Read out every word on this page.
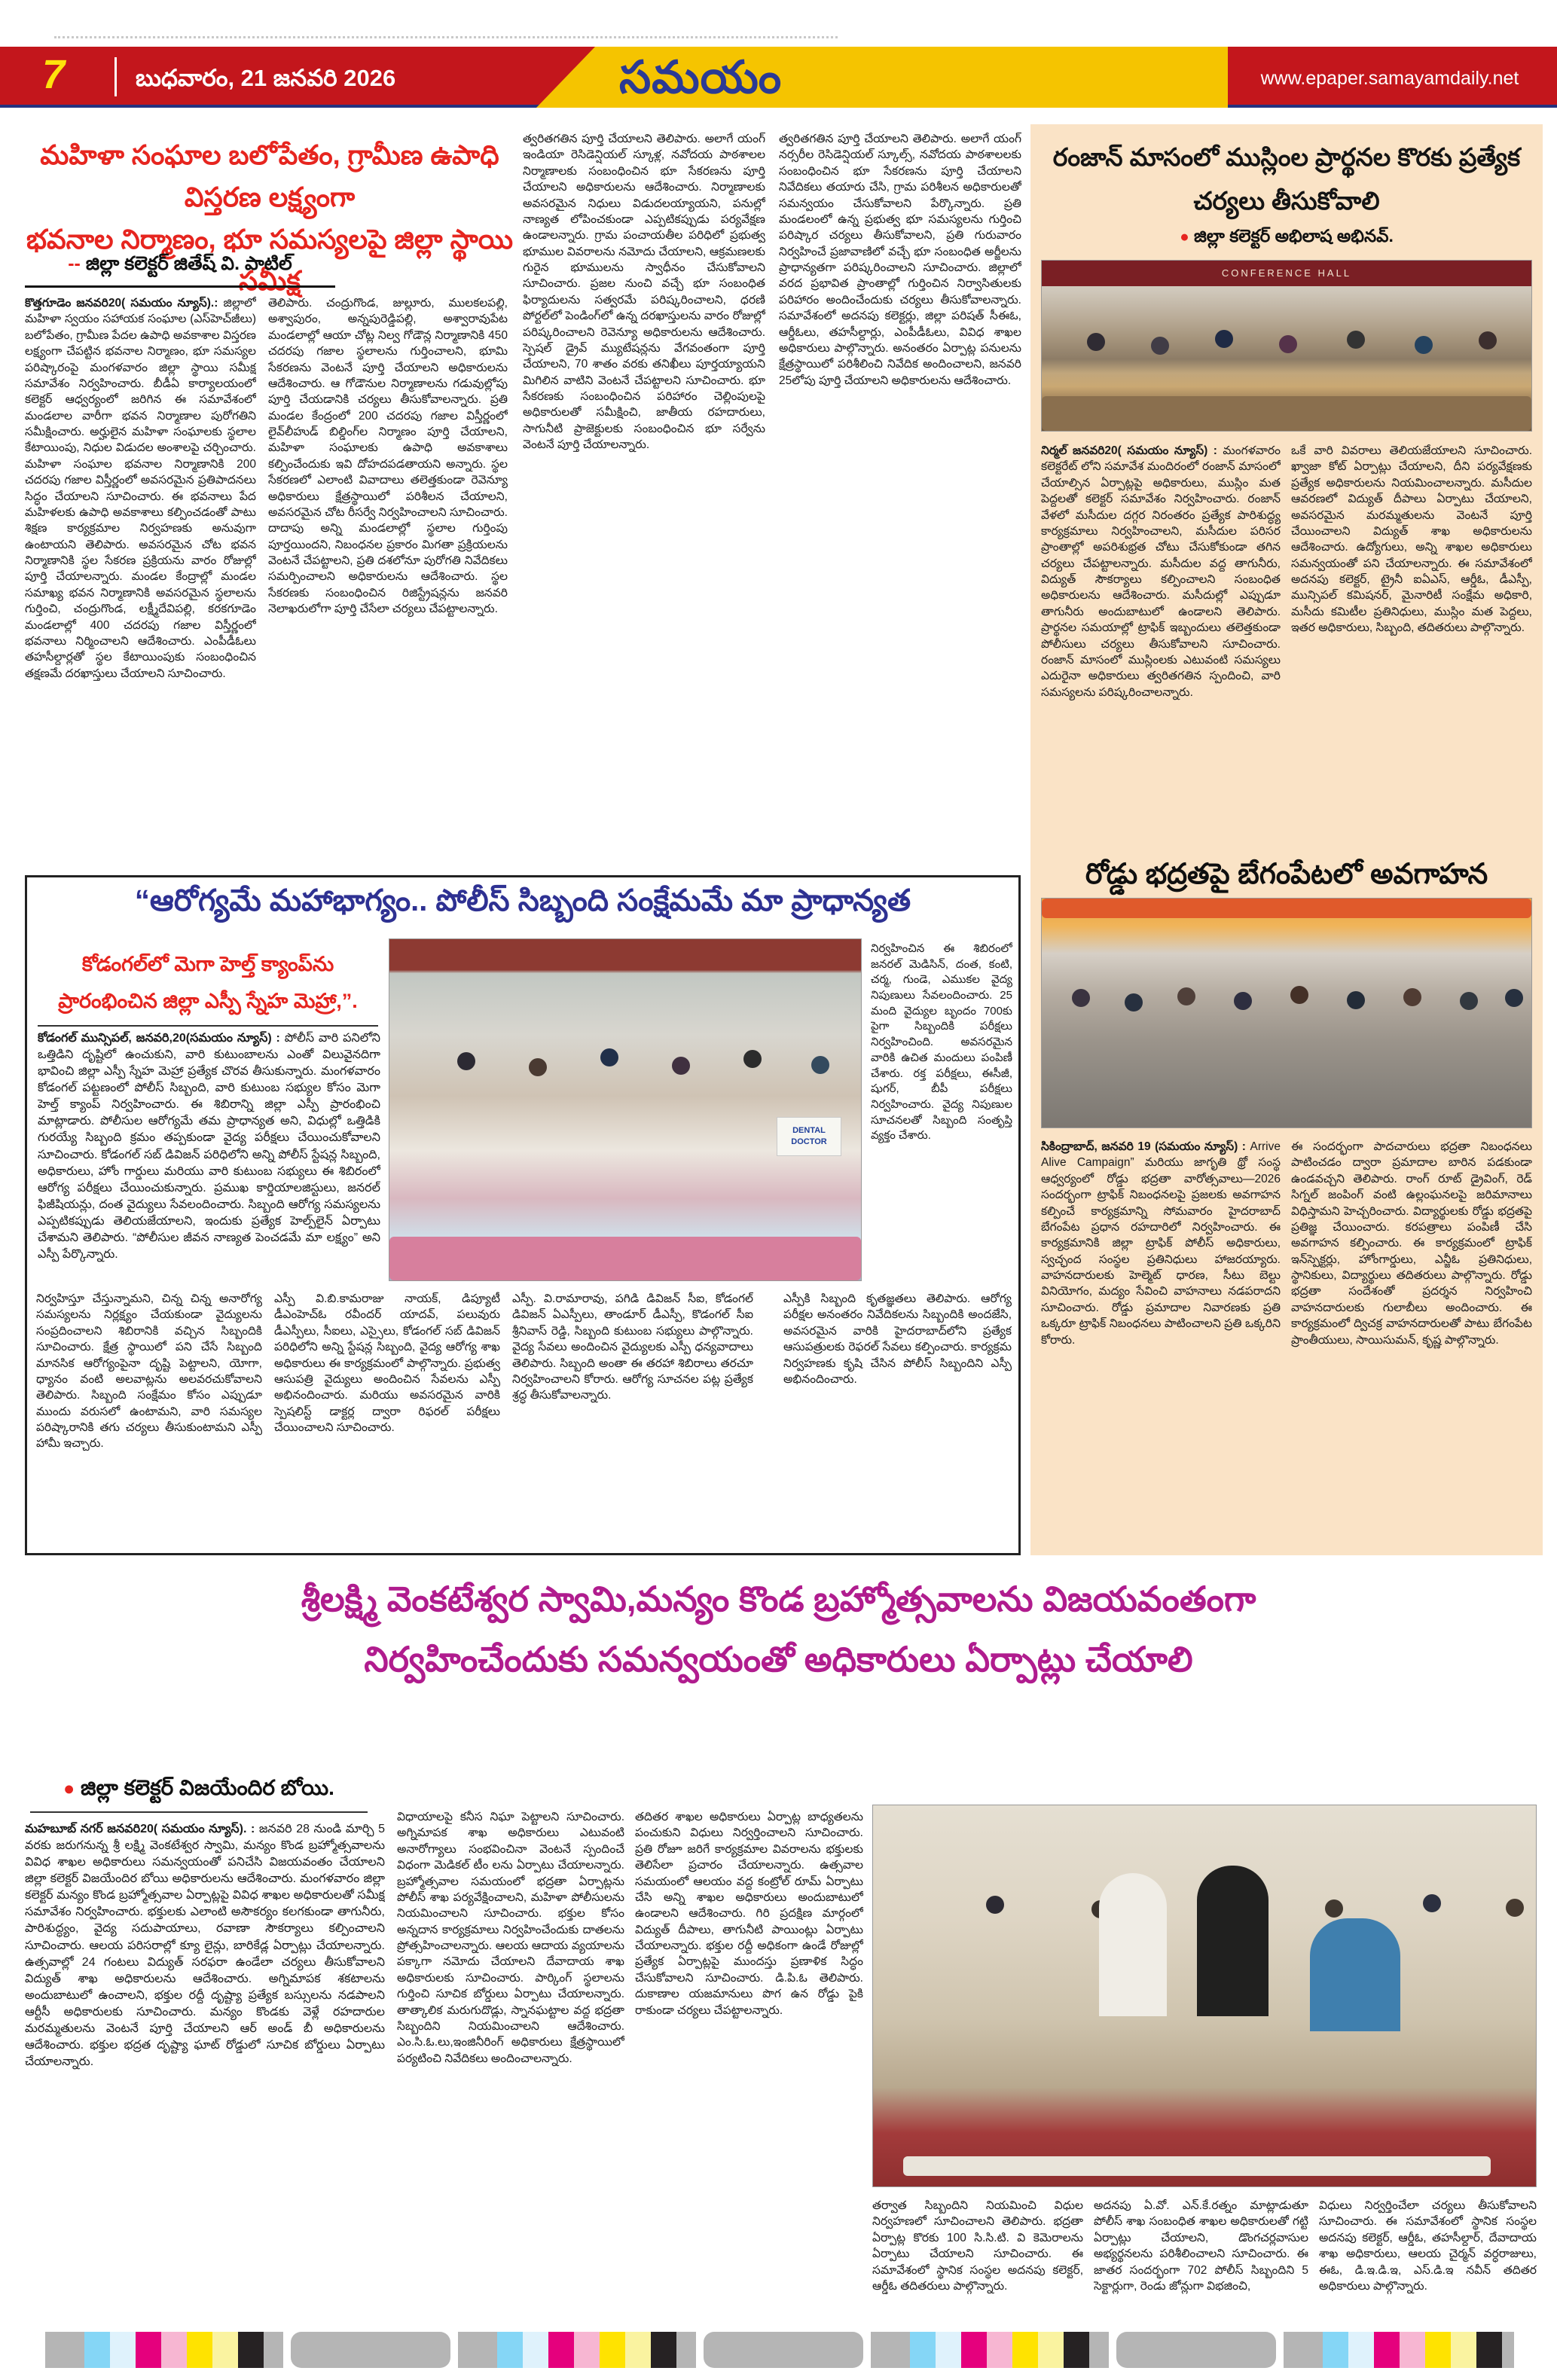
7	బుధవారం, 21 జనవరి 2026	సమయం	www.epaper.samayamdaily.net
మహిళా సంఘాల బలోపేతం, గ్రామీణ ఉపాధి విస్తరణ లక్ష్యంగా
భవనాల నిర్మాణం, భూ సమస్యలపై జిల్లా స్థాయి సమీక్ష
-- జిల్లా కలెక్టర్ జితేష్ వి. పాటిల్
కొత్తగూడెం జనవరి20( సమయం న్యూస్).: జిల్లాలో మహిళా స్వయం సహాయక సంఘాల (ఎస్‌హెచ్‌జీలు) బలోపేతం, గ్రామీణ పేదల ఉపాధి అవకాశాల విస్తరణ లక్ష్యంగా చేపట్టిన భవనాల నిర్మాణం, భూ సమస్యల పరిష్కారంపై మంగళవారం జిల్లా స్థాయి సమీక్ష సమావేశం నిర్వహించారు. బీడీఏ కార్యాలయంలో కలెక్టర్ ఆధ్వర్యంలో జరిగిన ఈ సమావేశంలో మండలాల వారీగా భవన నిర్మాణాల పురోగతిని సమీక్షించారు. అర్హులైన మహిళా సంఘాలకు స్థలాల కేటాయింపు, నిధుల విడుదల అంశాలపై చర్చించారు. మహిళా సంఘాల భవనాల నిర్మాణానికి 200 చదరపు గజాల విస్తీర్ణంలో అవసరమైన ప్రతిపాదనలు సిద్ధం చేయాలని సూచించారు. ఈ భవనాలు పేద మహిళలకు ఉపాధి అవకాశాలు కల్పించడంతో పాటు శిక్షణ కార్యక్రమాల నిర్వహణకు అనువుగా ఉంటాయని తెలిపారు. అవసరమైన చోట భవన నిర్మాణానికి స్థల సేకరణ ప్రక్రియను వారం రోజుల్లో పూర్తి చేయాలన్నారు. మండల కేంద్రాల్లో మండల సమాఖ్య భవన నిర్మాణానికి అవసరమైన స్థలాలను గుర్తించి, చంద్రుగొండ, లక్ష్మీదేవిపల్లి, కరకగూడెం మండలాల్లో 400 చదరపు గజాల విస్తీర్ణంలో భవనాలు నిర్మించాలని ఆదేశించారు. ఎంపీడీఓలు తహసీల్దార్లతో స్థల కేటాయింపుకు సంబంధించిన తక్షణమే దరఖాస్తులు చేయాలని సూచించారు.
తెలిపారు. చంద్రుగొండ, జుల్లూరు, ములకలపల్లి, అశ్వాపురం, అన్నపురెడ్డిపల్లి, అశ్వారావుపేట మండలాల్లో ఆయా చోట్ల నిల్వ గోడౌన్ల నిర్మాణానికి 450 చదరపు గజాల స్థలాలను గుర్తించాలని, భూమి సేకరణను వెంటనే పూర్తి చేయాలని అధికారులను ఆదేశించారు. ఆ గోడౌనుల నిర్మాణాలను గడువుల్లోపు పూర్తి చేయడానికి చర్యలు తీసుకోవాలన్నారు. ప్రతి మండల కేంద్రంలో 200 చదరపు గజాల విస్తీర్ణంలో లైవ్‌లీహుడ్ బిల్డింగ్‌ల నిర్మాణం పూర్తి చేయాలని, మహిళా సంఘాలకు ఉపాధి అవకాశాలు కల్పించేందుకు ఇవి దోహదపడతాయని అన్నారు. స్థల సేకరణలో ఎలాంటి వివాదాలు తలెత్తకుండా రెవెన్యూ అధికారులు క్షేత్రస్థాయిలో పరిశీలన చేయాలని, అవసరమైన చోట రీసర్వే నిర్వహించాలని సూచించారు. దాదాపు అన్ని మండలాల్లో స్థలాల గుర్తింపు పూర్తయిందని, నిబంధనల ప్రకారం మిగతా ప్రక్రియలను వెంటనే చేపట్టాలని, ప్రతి దశలోనూ పురోగతి నివేదికలు సమర్పించాలని అధికారులను ఆదేశించారు. స్థల సేకరణకు సంబంధించిన రిజిస్ట్రేషన్లను జనవరి నెలాఖరులోగా పూర్తి చేసేలా చర్యలు చేపట్టాలన్నారు.
త్వరితగతిన పూర్తి చేయాలని తెలిపారు. అలాగే యంగ్ ఇండియా రెసిడెన్షియల్ స్కూళ్ల, నవోదయ పాఠశాలల నిర్మాణాలకు సంబంధించిన భూ సేకరణను పూర్తి చేయాలని అధికారులను ఆదేశించారు. నిర్మాణాలకు అవసరమైన నిధులు విడుదలయ్యాయని, పనుల్లో నాణ్యత లోపించకుండా ఎప్పటికప్పుడు పర్యవేక్షణ ఉండాలన్నారు. గ్రామ పంచాయతీల పరిధిలో ప్రభుత్వ భూముల వివరాలను నమోదు చేయాలని, ఆక్రమణలకు గురైన భూములను స్వాధీనం చేసుకోవాలని సూచించారు. ప్రజల నుంచి వచ్చే భూ సంబంధిత ఫిర్యాదులను సత్వరమే పరిష్కరించాలని, ధరణి పోర్టల్‌లో పెండింగ్‌లో ఉన్న దరఖాస్తులను వారం రోజుల్లో పరిష్కరించాలని రెవెన్యూ అధికారులను ఆదేశించారు. స్పెషల్ డ్రైవ్ మ్యుటేషన్లను వేగవంతంగా పూర్తి చేయాలని, 70 శాతం వరకు తనిఖీలు పూర్తయ్యాయని మిగిలిన వాటిని వెంటనే చేపట్టాలని సూచించారు. భూ సేకరణకు సంబంధించిన పరిహారం చెల్లింపులపై అధికారులతో సమీక్షించి, జాతీయ రహదారులు, సాగునీటి ప్రాజెక్టులకు సంబంధించిన భూ సర్వేను వెంటనే పూర్తి చేయాలన్నారు.
త్వరితగతిన పూర్తి చేయాలని తెలిపారు. అలాగే యంగ్ నర్సరీల రెసిడెన్షియల్ స్కూల్స్, నవోదయ పాఠశాలలకు సంబంధించిన భూ సేకరణను పూర్తి చేయాలని నివేదికలు తయారు చేసి, గ్రామ పరిశీలన అధికారులతో సమన్వయం చేసుకోవాలని పేర్కొన్నారు. ప్రతి మండలంలో ఉన్న ప్రభుత్వ భూ సమస్యలను గుర్తించి పరిష్కార చర్యలు తీసుకోవాలని, ప్రతి గురువారం నిర్వహించే ప్రజావాణిలో వచ్చే భూ సంబంధిత అర్జీలను ప్రాధాన్యతగా పరిష్కరించాలని సూచించారు. జిల్లాలో వరద ప్రభావిత ప్రాంతాల్లో గుర్తించిన నిర్వాసితులకు పరిహారం అందించేందుకు చర్యలు తీసుకోవాలన్నారు. సమావేశంలో అదనపు కలెక్టర్లు, జిల్లా పరిషత్ సీఈఓ, ఆర్డీఓలు, తహసీల్దార్లు, ఎంపీడీఓలు, వివిధ శాఖల అధికారులు పాల్గొన్నారు. అనంతరం ఏర్పాట్ల పనులను క్షేత్రస్థాయిలో పరిశీలించి నివేదిక అందించాలని, జనవరి 25లోపు పూర్తి చేయాలని అధికారులను ఆదేశించారు.
రంజాన్ మాసంలో ముస్లింల ప్రార్థనల కొరకు ప్రత్యేక చర్యలు తీసుకోవాలి
● జిల్లా కలెక్టర్ అభిలాష అభినవ్.
CONFERENCE HALL
నిర్మల్ జనవరి20( సమయం న్యూస్) : మంగళవారం కలెక్టరేట్ లోని సమావేశ మందిరంలో రంజాన్ మాసంలో చేయాల్సిన ఏర్పాట్లపై అధికారులు, ముస్లిం మత పెద్దలతో కలెక్టర్ సమావేశం నిర్వహించారు. రంజాన్ వేళలో మసీదుల దగ్గర నిరంతరం ప్రత్యేక పారిశుద్ధ్య కార్యక్రమాలు నిర్వహించాలని, మసీదుల పరిసర ప్రాంతాల్లో అపరిశుభ్రత చోటు చేసుకోకుండా తగిన చర్యలు చేపట్టాలన్నారు. మసీదుల వద్ద తాగునీరు, విద్యుత్ సౌకర్యాలు కల్పించాలని సంబంధిత అధికారులను ఆదేశించారు. మసీదుల్లో ఎప్పుడూ తాగునీరు అందుబాటులో ఉండాలని తెలిపారు. ప్రార్థనల సమయాల్లో ట్రాఫిక్ ఇబ్బందులు తలెత్తకుండా పోలీసులు చర్యలు తీసుకోవాలని సూచించారు. రంజాన్ మాసంలో ముస్లింలకు ఎటువంటి సమస్యలు ఎదురైనా అధికారులు త్వరితగతిన స్పందించి, వారి సమస్యలను పరిష్కరించాలన్నారు.
ఒకే వారి వివరాలు తెలియజేయాలని సూచించారు. ఖ్వాజా కోట్ ఏర్పాట్లు చేయాలని, దీని పర్యవేక్షణకు ప్రత్యేక అధికారులను నియమించాలన్నారు. మసీదుల ఆవరణలో విద్యుత్ దీపాలు ఏర్పాటు చేయాలని, అవసరమైన మరమ్మతులను వెంటనే పూర్తి చేయించాలని విద్యుత్ శాఖ అధికారులను ఆదేశించారు. ఉద్యోగులు, అన్ని శాఖల అధికారులు సమన్వయంతో పని చేయాలన్నారు. ఈ సమావేశంలో అదనపు కలెక్టర్, ట్రైనీ ఐఏఎస్, ఆర్డీఓ, డీఎస్పీ, మున్సిపల్ కమిషనర్, మైనారిటీ సంక్షేమ అధికారి, మసీదు కమిటీల ప్రతినిధులు, ముస్లిం మత పెద్దలు, ఇతర అధికారులు, సిబ్బంది, తదితరులు పాల్గొన్నారు.
రోడ్డు భద్రతపై బేగంపేటలో అవగాహన
సికింద్రాబాద్, జనవరి 19 (సమయం న్యూస్) : Arrive Alive Campaign” మరియు జాగృతి థ్రో సంస్థ ఆధ్వర్యంలో రోడ్డు భద్రతా వారోత్సవాలు—2026 సందర్భంగా ట్రాఫిక్ నిబంధనలపై ప్రజలకు అవగాహన కల్పించే కార్యక్రమాన్ని సోమవారం హైదరాబాద్ బేగంపేట ప్రధాన రహదారిలో నిర్వహించారు. ఈ కార్యక్రమానికి జిల్లా ట్రాఫిక్ పోలీస్ అధికారులు, స్వచ్ఛంద సంస్థల ప్రతినిధులు హాజరయ్యారు. వాహనదారులకు హెల్మెట్ ధారణ, సీటు బెల్టు వినియోగం, మద్యం సేవించి వాహనాలు నడపరాదని సూచించారు. రోడ్డు ప్రమాదాల నివారణకు ప్రతి ఒక్కరూ ట్రాఫిక్ నిబంధనలు పాటించాలని ప్రతి ఒక్కరిని కోరారు.
ఈ సందర్భంగా పాదచారులు భద్రతా నిబంధనలు పాటించడం ద్వారా ప్రమాదాల బారిన పడకుండా ఉండవచ్చని తెలిపారు. రాంగ్ రూట్ డ్రైవింగ్, రెడ్ సిగ్నల్ జంపింగ్ వంటి ఉల్లంఘనలపై జరిమానాలు విధిస్తామని హెచ్చరించారు. విద్యార్థులకు రోడ్డు భద్రతపై ప్రతిజ్ఞ చేయించారు. కరపత్రాలు పంపిణీ చేసి అవగాహన కల్పించారు. ఈ కార్యక్రమంలో ట్రాఫిక్ ఇన్‌స్పెక్టర్లు, హోంగార్డులు, ఎన్జీఓ ప్రతినిధులు, స్థానికులు, విద్యార్థులు తదితరులు పాల్గొన్నారు. రోడ్డు భద్రతా సందేశంతో ప్రదర్శన నిర్వహించి వాహనదారులకు గులాబీలు అందించారు. ఈ కార్యక్రమంలో ద్విచక్ర వాహనదారులతో పాటు బేగంపేట ప్రాంతీయులు, సాయిసుమన్, కృష్ణ పాల్గొన్నారు.
“ఆరోగ్యమే మహాభాగ్యం.. పోలీస్ సిబ్బంది సంక్షేమమే మా ప్రాధాన్యత
కోడంగల్‌లో మెగా హెల్త్ క్యాంప్‌ను ప్రారంభించిన జిల్లా ఎస్పీ స్నేహ మెహ్రా,”.
కోడంగల్ మున్సిపల్, జనవరి,20(సమయం న్యూస్) : పోలీస్ వారి పనిలోని ఒత్తిడిని దృష్టిలో ఉంచుకుని, వారి కుటుంబాలను ఎంతో విలువైనదిగా భావించి జిల్లా ఎస్పీ స్నేహ మెహ్రా ప్రత్యేక చొరవ తీసుకున్నారు. మంగళవారం కోడంగల్ పట్టణంలో పోలీస్ సిబ్బంది, వారి కుటుంబ సభ్యుల కోసం మెగా హెల్త్ క్యాంప్ నిర్వహించారు. ఈ శిబిరాన్ని జిల్లా ఎస్పీ ప్రారంభించి మాట్లాడారు. పోలీసుల ఆరోగ్యమే తమ ప్రాధాన్యత అని, విధుల్లో ఒత్తిడికి గురయ్యే సిబ్బంది క్రమం తప్పకుండా వైద్య పరీక్షలు చేయించుకోవాలని సూచించారు. కోడంగల్ సబ్ డివిజన్ పరిధిలోని అన్ని పోలీస్ స్టేషన్ల సిబ్బంది, అధికారులు, హోం గార్డులు మరియు వారి కుటుంబ సభ్యులు ఈ శిబిరంలో ఆరోగ్య పరీక్షలు చేయించుకున్నారు. ప్రముఖ కార్డియాలజిస్టులు, జనరల్ ఫిజీషియన్లు, దంత వైద్యులు సేవలందించారు. సిబ్బంది ఆరోగ్య సమస్యలను ఎప్పటికప్పుడు తెలియజేయాలని, ఇందుకు ప్రత్యేక హెల్ప్‌లైన్ ఏర్పాటు చేశామని తెలిపారు. “పోలీసుల జీవన నాణ్యత పెంచడమే మా లక్ష్యం” అని ఎస్పీ పేర్కొన్నారు.
DENTAL DOCTOR
నిర్వహించిన ఈ శిబిరంలో జనరల్ మెడిసిన్, దంత, కంటి, చర్మ, గుండె, ఎముకల వైద్య నిపుణులు సేవలందించారు. 25 మంది వైద్యుల బృందం 700కు పైగా సిబ్బందికి పరీక్షలు నిర్వహించింది. అవసరమైన వారికి ఉచిత మందులు పంపిణీ చేశారు. రక్త పరీక్షలు, ఈసీజీ, షుగర్, బీపీ పరీక్షలు నిర్వహించారు. వైద్య నిపుణుల సూచనలతో సిబ్బంది సంతృప్తి వ్యక్తం చేశారు.
నిర్వహిస్తూ చేస్తున్నామని, చిన్న చిన్న అనారోగ్య సమస్యలను నిర్లక్ష్యం చేయకుండా వైద్యులను సంప్రదించాలని శిబిరానికి వచ్చిన సిబ్బందికి సూచించారు. క్షేత్ర స్థాయిలో పని చేసే సిబ్బంది మానసిక ఆరోగ్యంపైనా దృష్టి పెట్టాలని, యోగా, ధ్యానం వంటి అలవాట్లను అలవరచుకోవాలని తెలిపారు. సిబ్బంది సంక్షేమం కోసం ఎప్పుడూ ముందు వరుసలో ఉంటామని, వారి సమస్యల పరిష్కారానికి తగు చర్యలు తీసుకుంటామని ఎస్పీ హామీ ఇచ్చారు.
ఎస్పీ వి.బి.కామరాజు నాయక్, డిప్యూటీ డీఎంహెచ్ఓ రవీందర్ యాదవ్, పలువురు డీఎస్పీలు, సీఐలు, ఎస్సైలు, కోడంగల్ సబ్ డివిజన్ పరిధిలోని అన్ని స్టేషన్ల సిబ్బంది, వైద్య ఆరోగ్య శాఖ అధికారులు ఈ కార్యక్రమంలో పాల్గొన్నారు. ప్రభుత్వ ఆసుపత్రి వైద్యులు అందించిన సేవలను ఎస్పీ అభినందించారు. మరియు అవసరమైన వారికి స్పెషలిస్ట్ డాక్టర్ల ద్వారా రిఫరల్ పరీక్షలు చేయించాలని సూచించారు.
ఎస్పీ. వి.రామారావు, పగిడి డివిజన్ సీఐ, కోడంగల్ డివిజన్ ఏఎస్పీలు, తాండూర్ డీఎస్పీ, కొడంగల్ సీఐ శ్రీనివాస్ రెడ్డి, సిబ్బంది కుటుంబ సభ్యులు పాల్గొన్నారు. వైద్య సేవలు అందించిన వైద్యులకు ఎస్పీ ధన్యవాదాలు తెలిపారు. సిబ్బంది అంతా ఈ తరహా శిబిరాలు తరచూ నిర్వహించాలని కోరారు. ఆరోగ్య సూచనల పట్ల ప్రత్యేక శ్రద్ధ తీసుకోవాలన్నారు.
ఎస్పీకి సిబ్బంది కృతజ్ఞతలు తెలిపారు. ఆరోగ్య పరీక్షల అనంతరం నివేదికలను సిబ్బందికి అందజేసి, అవసరమైన వారికి హైదరాబాద్‌లోని ప్రత్యేక ఆసుపత్రులకు రెఫరల్ సేవలు కల్పించారు. కార్యక్రమ నిర్వహణకు కృషి చేసిన పోలీస్ సిబ్బందిని ఎస్పీ అభినందించారు.
శ్రీలక్ష్మి వెంకటేశ్వర స్వామి,మన్యం కొండ బ్రహ్మోత్సవాలను విజయవంతంగా
నిర్వహించేందుకు సమన్వయంతో అధికారులు ఏర్పాట్లు చేయాలి
● జిల్లా కలెక్టర్ విజయేందిర బోయి.
మహబూబ్ నగర్ జనవరి20( సమయం న్యూస్). : జనవరి 28 నుండి మార్చి 5 వరకు జరుగనున్న శ్రీ లక్ష్మి వెంకటేశ్వర స్వామి, మన్యం కొండ బ్రహ్మోత్సవాలను వివిధ శాఖల అధికారులు సమన్వయంతో పనిచేసి విజయవంతం చేయాలని జిల్లా కలెక్టర్ విజయేందిర బోయి అధికారులను ఆదేశించారు. మంగళవారం జిల్లా కలెక్టర్ మన్యం కొండ బ్రహ్మోత్సవాల ఏర్పాట్లపై వివిధ శాఖల అధికారులతో సమీక్ష సమావేశం నిర్వహించారు. భక్తులకు ఎలాంటి అసౌకర్యం కలగకుండా తాగునీరు, పారిశుద్ధ్యం, వైద్య సదుపాయాలు, రవాణా సౌకర్యాలు కల్పించాలని సూచించారు. ఆలయ పరిసరాల్లో క్యూ లైన్లు, బారికేడ్ల ఏర్పాట్లు చేయాలన్నారు. ఉత్సవాల్లో 24 గంటలు విద్యుత్ సరఫరా ఉండేలా చర్యలు తీసుకోవాలని విద్యుత్ శాఖ అధికారులను ఆదేశించారు. అగ్నిమాపక శకటాలను అందుబాటులో ఉంచాలని, భక్తుల రద్దీ దృష్ట్యా ప్రత్యేక బస్సులను నడపాలని ఆర్టీసీ అధికారులకు సూచించారు. మన్యం కొండకు వెళ్లే రహదారుల మరమ్మతులను వెంటనే పూర్తి చేయాలని ఆర్ అండ్ బీ అధికారులను ఆదేశించారు. భక్తుల భద్రత దృష్ట్యా ఘాట్ రోడ్డులో సూచిక బోర్డులు ఏర్పాటు చేయాలన్నారు.
విధాయాలపై కనీస నిఘా పెట్టాలని సూచించారు. అగ్నిమాపక శాఖ అధికారులు ఎటువంటి అనారోగ్యాలు సంభవించినా వెంటనే స్పందించే విధంగా మెడికల్ టీం లను ఏర్పాటు చేయాలన్నారు. బ్రహ్మోత్సవాల సమయంలో భద్రతా ఏర్పాట్లను పోలీస్ శాఖ పర్యవేక్షించాలని, మహిళా పోలీసులను నియమించాలని సూచించారు. భక్తుల కోసం అన్నదాన కార్యక్రమాలు నిర్వహించేందుకు దాతలను ప్రోత్సహించాలన్నారు. ఆలయ ఆదాయ వ్యయాలను పక్కాగా నమోదు చేయాలని దేవాదాయ శాఖ అధికారులకు సూచించారు. పార్కింగ్ స్థలాలను గుర్తించి సూచిక బోర్డులు ఏర్పాటు చేయాలన్నారు. తాత్కాలిక మరుగుదొడ్లు, స్నానఘట్టాల వద్ద భద్రతా సిబ్బందిని నియమించాలని ఆదేశించారు. ఎం.సి.ఓ.లు,ఇంజినీరింగ్ అధికారులు క్షేత్రస్థాయిలో పర్యటించి నివేదికలు అందించాలన్నారు.
తదితర శాఖల అధికారులు ఏర్పాట్ల బాధ్యతలను పంచుకుని విధులు నిర్వర్తించాలని సూచించారు. ప్రతి రోజూ జరిగే కార్యక్రమాల వివరాలను భక్తులకు తెలిసేలా ప్రచారం చేయాలన్నారు. ఉత్సవాల సమయంలో ఆలయం వద్ద కంట్రోల్ రూమ్ ఏర్పాటు చేసి అన్ని శాఖల అధికారులు అందుబాటులో ఉండాలని ఆదేశించారు. గిరి ప్రదక్షిణ మార్గంలో విద్యుత్ దీపాలు, తాగునీటి పాయింట్లు ఏర్పాటు చేయాలన్నారు. భక్తుల రద్దీ అధికంగా ఉండే రోజుల్లో ప్రత్యేక ఏర్పాట్లపై ముందస్తు ప్రణాళిక సిద్ధం చేసుకోవాలని సూచించారు. డి.పి.ఓ తెలిపారు. దుకాణాల యజమానులు పొగ ఉన రోడ్డు పైకి రాకుండా చర్యలు చేపట్టాలన్నారు.
తర్వాత సిబ్బందిని నియమించి విధుల నిర్వహణలో సూచించాలని తెలిపారు. భద్రతా ఏర్పాట్ల కొరకు 100 సి.సి.టి. వి కెమెరాలను ఏర్పాటు చేయాలని సూచించారు. ఈ సమావేశంలో స్థానిక సంస్థల అదనపు కలెక్టర్, ఆర్డీఓ తదితరులు పాల్గొన్నారు.
అదనపు ఏ.వో. ఎన్.కే.రత్నం మాట్లాడుతూ పోలీస్ శాఖ సంబంధిత శాఖల అధికారులతో గట్టి ఏర్పాట్లు చేయాలని, డొంగచర్లవాసుల అభ్యర్థనలను పరిశీలించాలని సూచించారు. ఈ జాతర సందర్భంగా 702 పోలీస్ సిబ్బందిని 5 సెక్టార్లుగా, రెండు జోన్లుగా విభజించి,
విధులు నిర్వర్తించేలా చర్యలు తీసుకోవాలని సూచించారు. ఈ సమావేశంలో స్థానిక సంస్థల అదనపు కలెక్టర్, ఆర్డీఓ, తహసీల్దార్, దేవాదాయ శాఖ అధికారులు, ఆలయ చైర్మన్ వర్ధరాజులు, ఈఓ, డి.ఇ.డి.ఇ, ఎస్.డి.ఇ నవీన్ తదితర అధికారులు పాల్గొన్నారు.
